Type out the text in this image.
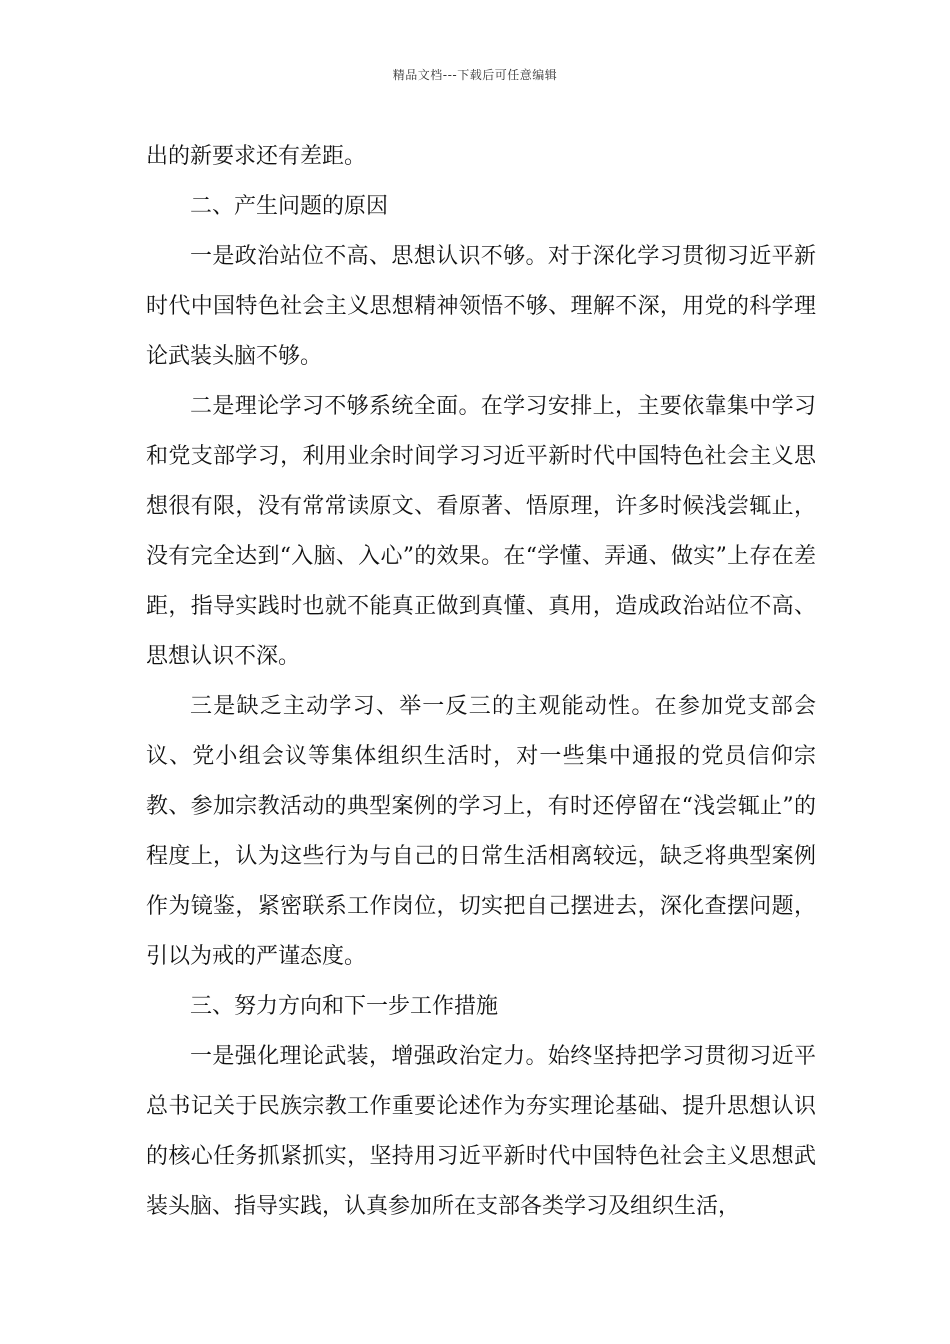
精品文档---下载后可任意编辑

出的新要求还有差距。

二、产生问题的原因

一是政治站位不高、思想认识不够。对于深化学习贯彻习近平新时代中国特色社会主义思想精神领悟不够、理解不深，用党的科学理论武装头脑不够。

二是理论学习不够系统全面。在学习安排上，主要依靠集中学习和党支部学习，利用业余时间学习习近平新时代中国特色社会主义思想很有限，没有常常读原文、看原著、悟原理，许多时候浅尝辄止，没有完全达到“入脑、入心”的效果。在“学懂、弄通、做实”上存在差距，指导实践时也就不能真正做到真懂、真用，造成政治站位不高、思想认识不深。

三是缺乏主动学习、举一反三的主观能动性。在参加党支部会议、党小组会议等集体组织生活时，对一些集中通报的党员信仰宗教、参加宗教活动的典型案例的学习上，有时还停留在“浅尝辄止”的程度上，认为这些行为与自己的日常生活相离较远，缺乏将典型案例作为镜鉴，紧密联系工作岗位，切实把自己摆进去，深化查摆问题，引以为戒的严谨态度。

三、努力方向和下一步工作措施

一是强化理论武装，增强政治定力。始终坚持把学习贯彻习近平总书记关于民族宗教工作重要论述作为夯实理论基础、提升思想认识的核心任务抓紧抓实，坚持用习近平新时代中国特色社会主义思想武装头脑、指导实践，认真参加所在支部各类学习及组织生活，
